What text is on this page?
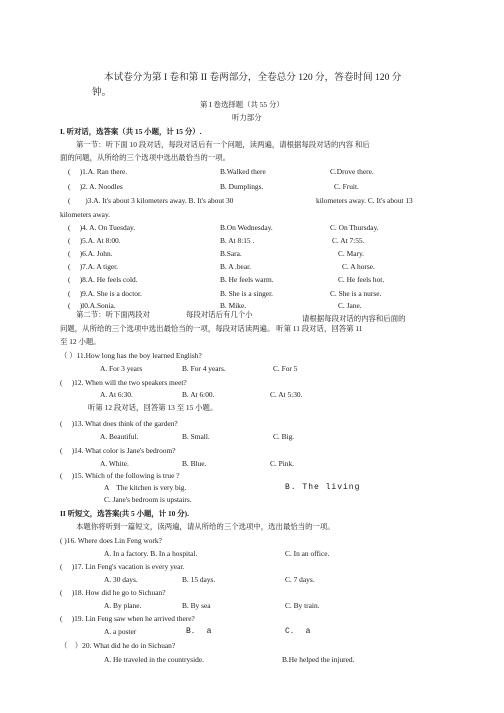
本试卷分为第 I 卷和第 II 卷两部分，全卷总分 120 分，答卷时间 120 分
钟。
第 I 卷选择题（共 55 分）
听力部分
I. 听对话，选答案（共 15 小题，计 15 分）.
第一节：听下面 10 段对话，每段对话后有一个问题，读两遍，请根据每段对话的内容 和后
面的问题，从所给的三个选项中选出最恰当的一项。
(　 )1.A. Ran there.	B.Walked there	C.Drove there.
(　 )2. A. Noodles	B. Dumplings.	C. Fruit.
(　　)3.A. It's about 3 kilometers away. B. It's about 30	kilometers away. C. It's about 13
kilometers away.
(　 )4. A. On Tuesday.	B.On Wednesday.	C. On Thursday.
(　 )5.A. At 8:00.	B. At 8:15 .	C. At 7:55.
(　 )6.A. John.	B.Sara.	C. Mary.
(　 )7.A. A tiger.	B. A .bear.	C. A horse.
(　 )8.A. He feels cold.	B. He feels warm.	C. He feels hot.
(　 )9.A. She is a doctor.	B. She is a singer.	C. She is a nurse.
(　 )l0.A.Sonia.	B. Mike.	C. Jane.
第二节：听下面两段对	每段对话后有几个小	请根据每段对话的内容和后面的
问题，从所给的三个选项中选出最恰当的一项，每段对话读两遍。 听第 11 段对话，回答第 11
至 12 小题。
（ ）11.How long has the boy learned English?
A. For 3 years	B. For 4 years.	C. For 5
(　 )12. When will the two speakers meet?
A. At 6:30.	B. At 6:00.	C. At 5:30.
听第 12 段对话，回答第 13 至 15 小题。
(　 )13. What does think of the garden?
A. Beautiful.	B. Small.	C. Big.
(　 )14. What color is Jane's bedroom?
A. White.	B. Blue.	C. Pink.
(　 )15. Which of the following is true ?
A　The kitchen is very big.	B. The living
C. Jane's bedroom is upstairs.
II 听短文，选答案(共 5 小题，计 10 分).
本题你将听到一篇短文，读两遍，请从所给的三个选项中，选出最恰当的一项。
( )16. Where does Lin Feng work?
A. In a factory. B. In a hospital.	C. In an office.
(　 )17. Lin Feng's vacation is every year.
A. 30 days.	B. 15 days.	C. 7 days.
(　 )18. How did he go to Sichuan?
A. By plane.	B. By sea	C. By train.
(　 )19. Lin Feng saw when he arrived there?
A. a poster	B． a	C． a
（　）20. What did he do in Sichuan?
A. He traveled in the countryside.	B.He helped the injured.
